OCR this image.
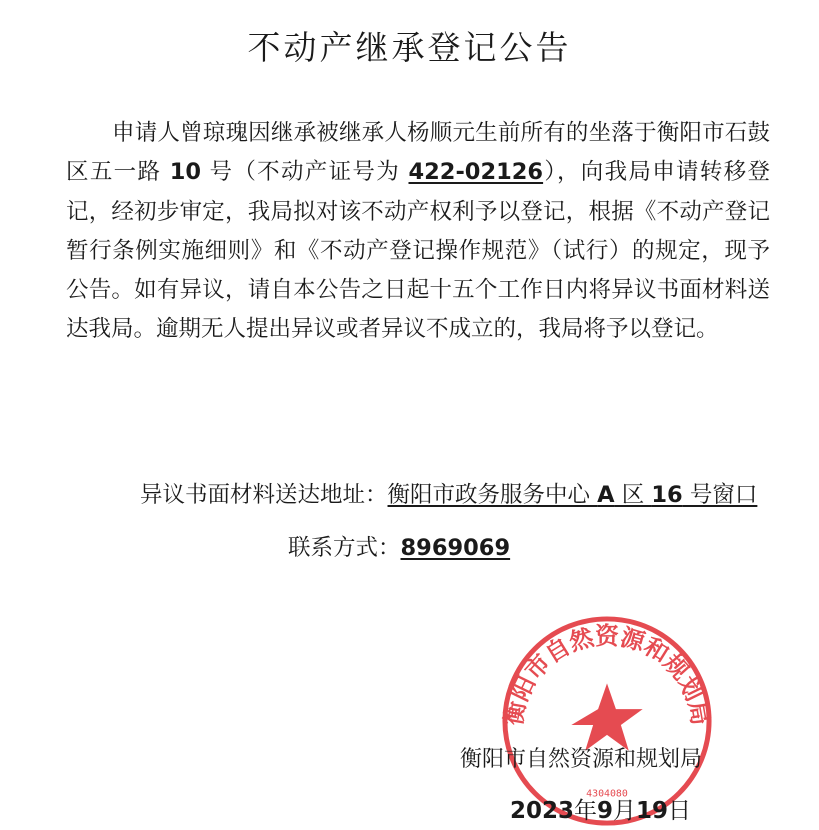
不动产继承登记公告

申请人曾琼瑰因继承被继承人杨顺元生前所有的坐落于衡阳市石鼓区五一路 10 号（不动产证号为 422-02126），向我局申请转移登记，经初步审定，我局拟对该不动产权利予以登记，根据《不动产登记暂行条例实施细则》和《不动产登记操作规范》（试行）的规定，现予公告。如有异议，请自本公告之日起十五个工作日内将异议书面材料送达我局。逾期无人提出异议或者异议不成立的，我局将予以登记。

异议书面材料送达地址：衡阳市政务服务中心 A 区 16 号窗口
联系方式：8969069
衡阳市自然资源和规划局
4304080
衡阳市自然资源和规划局
2023年9月19日
